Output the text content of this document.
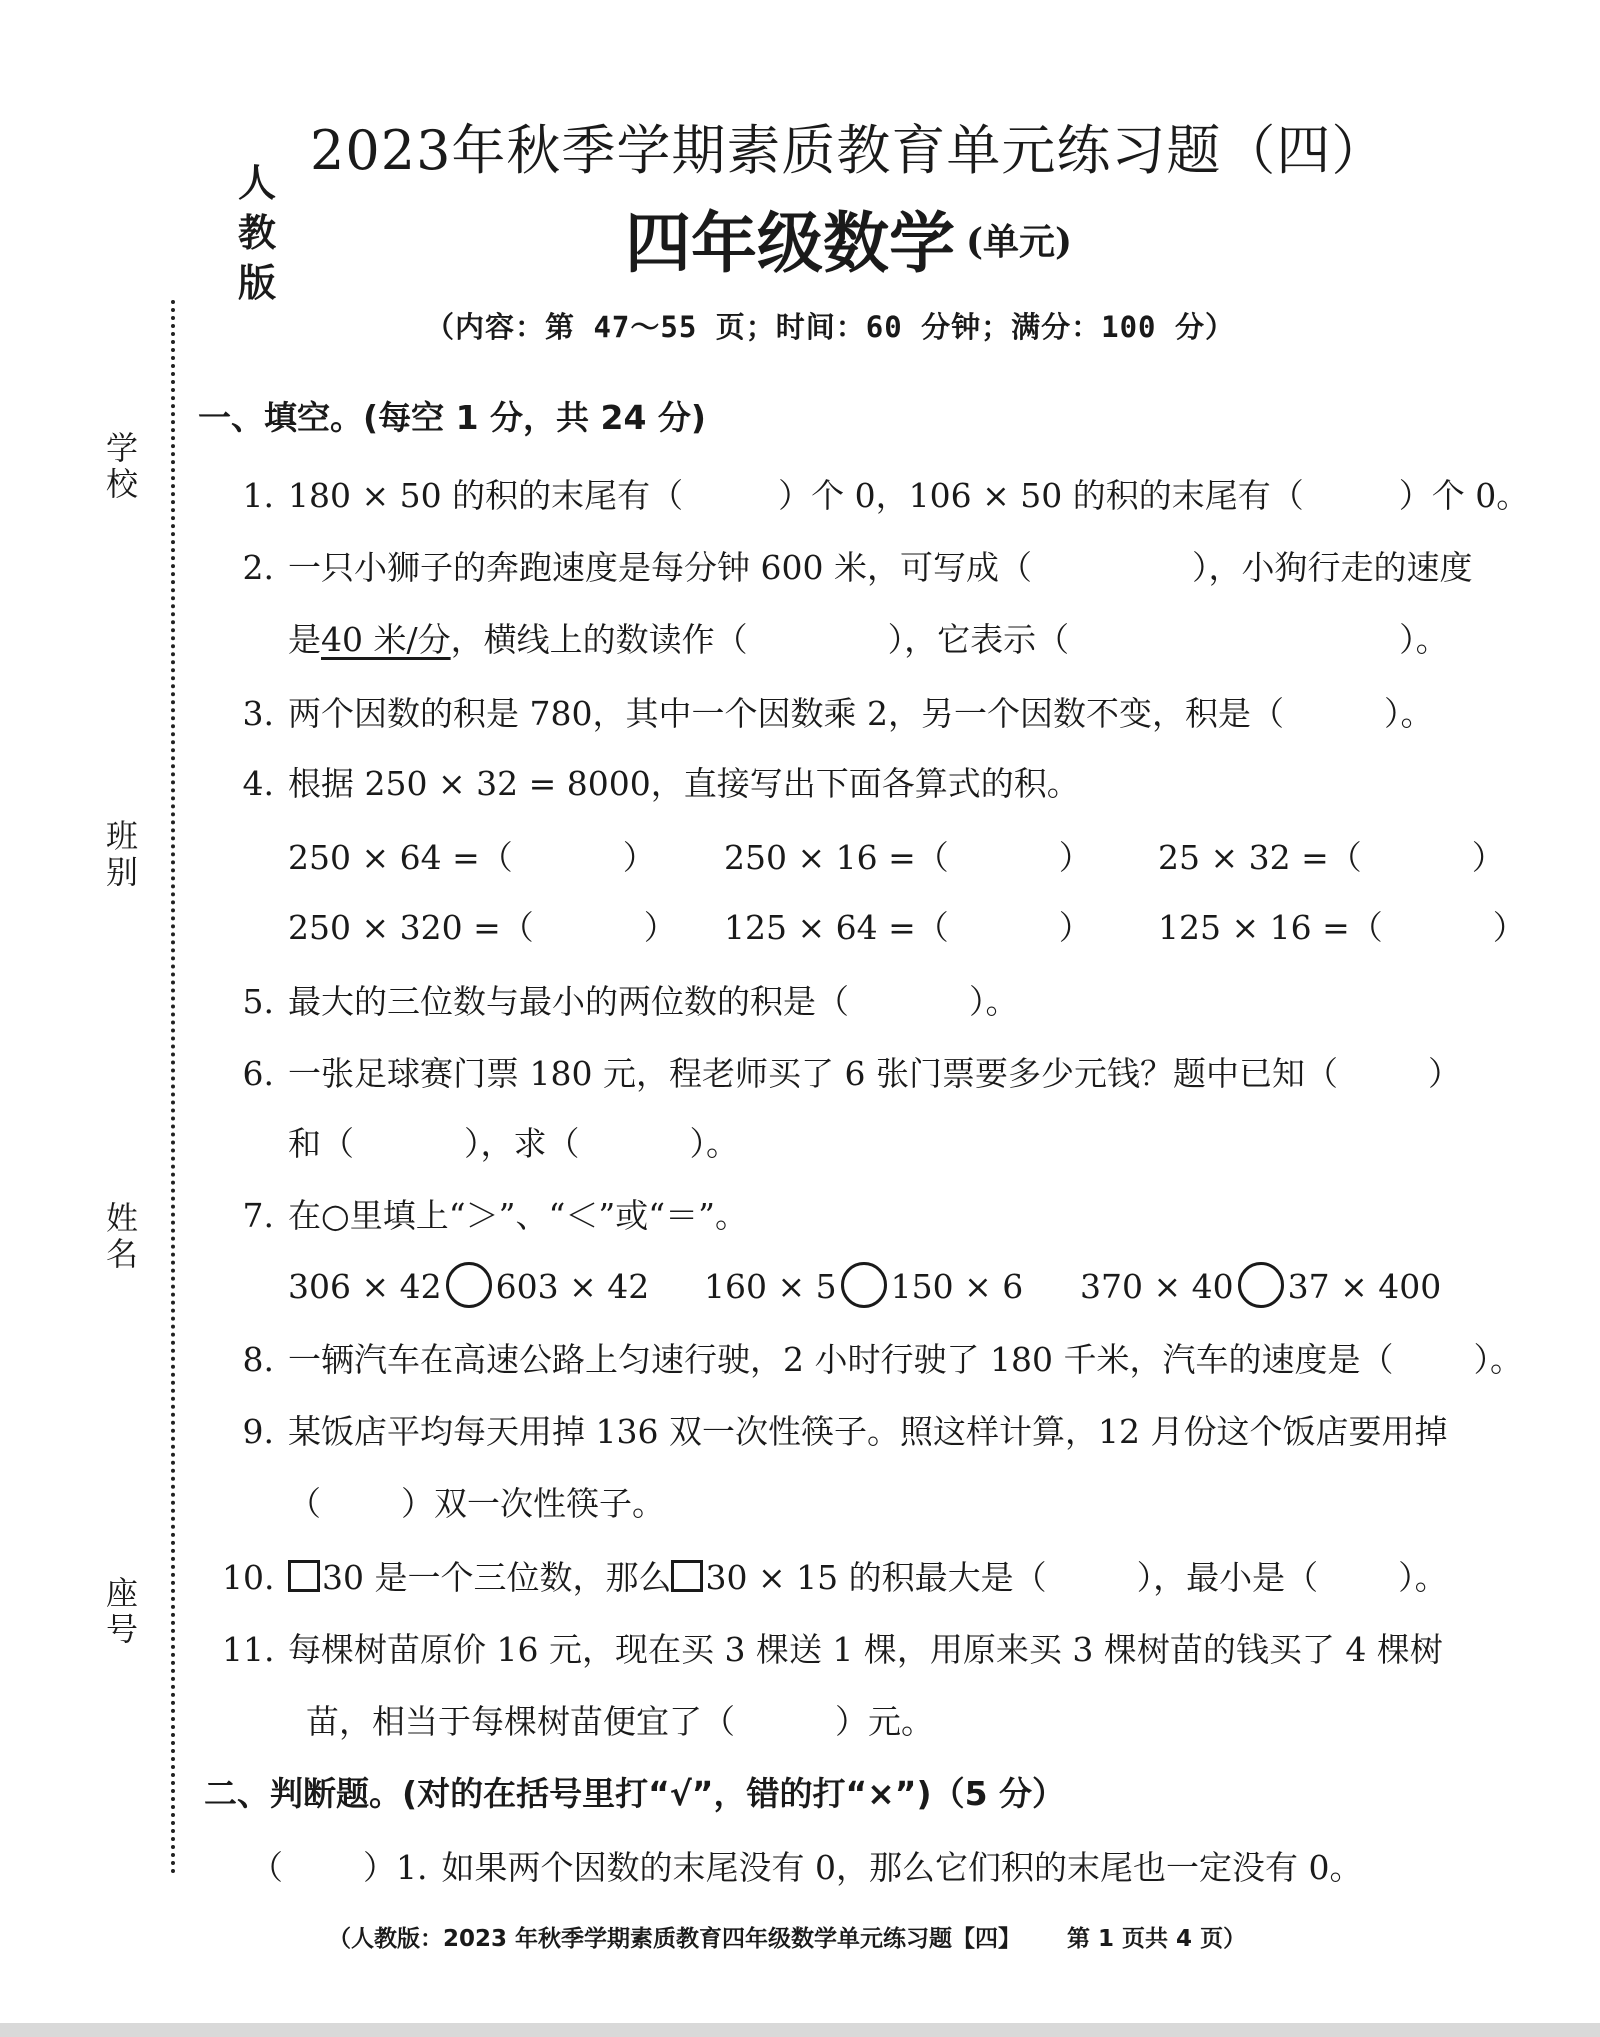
人
教
版
2023年秋季学期素质教育单元练习题（四）
四年级数学 (单元)
（内容：第 47～55 页；时间：60 分钟；满分：100 分）
学
校
班
别
姓
名
座
号
一、填空。(每空 1 分，共 24 分)
1. 180 × 50 的积的末尾有（	）个 0，106 × 50 的积的末尾有（	）个 0。
2. 一只小狮子的奔跑速度是每分钟 600 米，可写成（	），小狗行走的速度
是40 米/分，横线上的数读作（	），它表示（	）。
3. 两个因数的积是 780，其中一个因数乘 2，另一个因数不变，积是（	）。
4. 根据 250 × 32 = 8000，直接写出下面各算式的积。
250 × 64 =（	） 250 × 16 =（	） 25 × 32 =（	）
250 × 320 =（	） 125 × 64 =（	） 125 × 16 =（	）
5. 最大的三位数与最小的两位数的积是（	）。
6. 一张足球赛门票 180 元，程老师买了 6 张门票要多少元钱？题中已知（	）
和（	），求（	）。
7. 在○里填上“＞”、“＜”或“＝”。
306 × 42 603 × 42 160 × 5 150 × 6 370 × 40 37 × 400
8. 一辆汽车在高速公路上匀速行驶，2 小时行驶了 180 千米，汽车的速度是（ ）。
9. 某饭店平均每天用掉 136 双一次性筷子。照这样计算，12 月份这个饭店要用掉
（ ）双一次性筷子。
10. 30 是一个三位数，那么 30 × 15 的积最大是（	），最小是（ ）。
11. 每棵树苗原价 16 元，现在买 3 棵送 1 棵，用原来买 3 棵树苗的钱买了 4 棵树
苗，相当于每棵树苗便宜了（	）元。
二、判断题。(对的在括号里打“√”，错的打“×”)（5 分）
（ ）1. 如果两个因数的末尾没有 0，那么它们积的末尾也一定没有 0。
（人教版：2023 年秋季学期素质教育四年级数学单元练习题【四】 第 1 页共 4 页）
